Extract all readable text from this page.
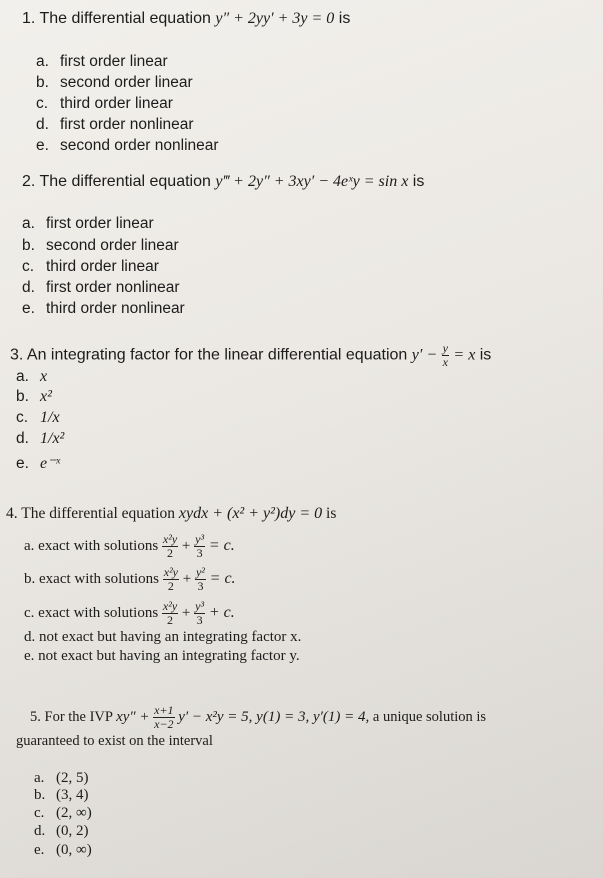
1. The differential equation y″ + 2yy′ + 3y = 0 is
a. first order linear
b. second order linear
c. third order linear
d. first order nonlinear
e. second order nonlinear
2. The differential equation y‴ + 2y″ + 3xy′ − 4eˣy = sin x is
a. first order linear
b. second order linear
c. third order linear
d. first order nonlinear
e. third order nonlinear
3. An integrating factor for the linear differential equation $y' - \frac{y}{x} = x$ is
a. x
b. x²
c. 1/x
d. 1/x²
e. e⁻ˣ
4. The differential equation xydx + (x² + y²)dy = 0 is
a. exact with solutions $\frac{\text{x²y}}{2} + \frac{\text{y³}}{3} = c$.
b. exact with solutions $\frac{\text{x²y}}{2} + \frac{\text{y²}}{3} = c$.
c. exact with solutions $\frac{\text{x²y}}{2} + \frac{\text{y³}}{3} + c$.
d. not exact but having an integrating factor x.
e. not exact but having an integrating factor y.
5. For the IVP $xy'' + \frac{x+1}{x-2} y' - x^2y = 5$, y(1) = 3, y′(1) = 4, a unique solution is
guaranteed to exist on the interval
a. (2, 5)
b. (3, 4)
c. (2, ∞)
d. (0, 2)
e. (0, ∞)
